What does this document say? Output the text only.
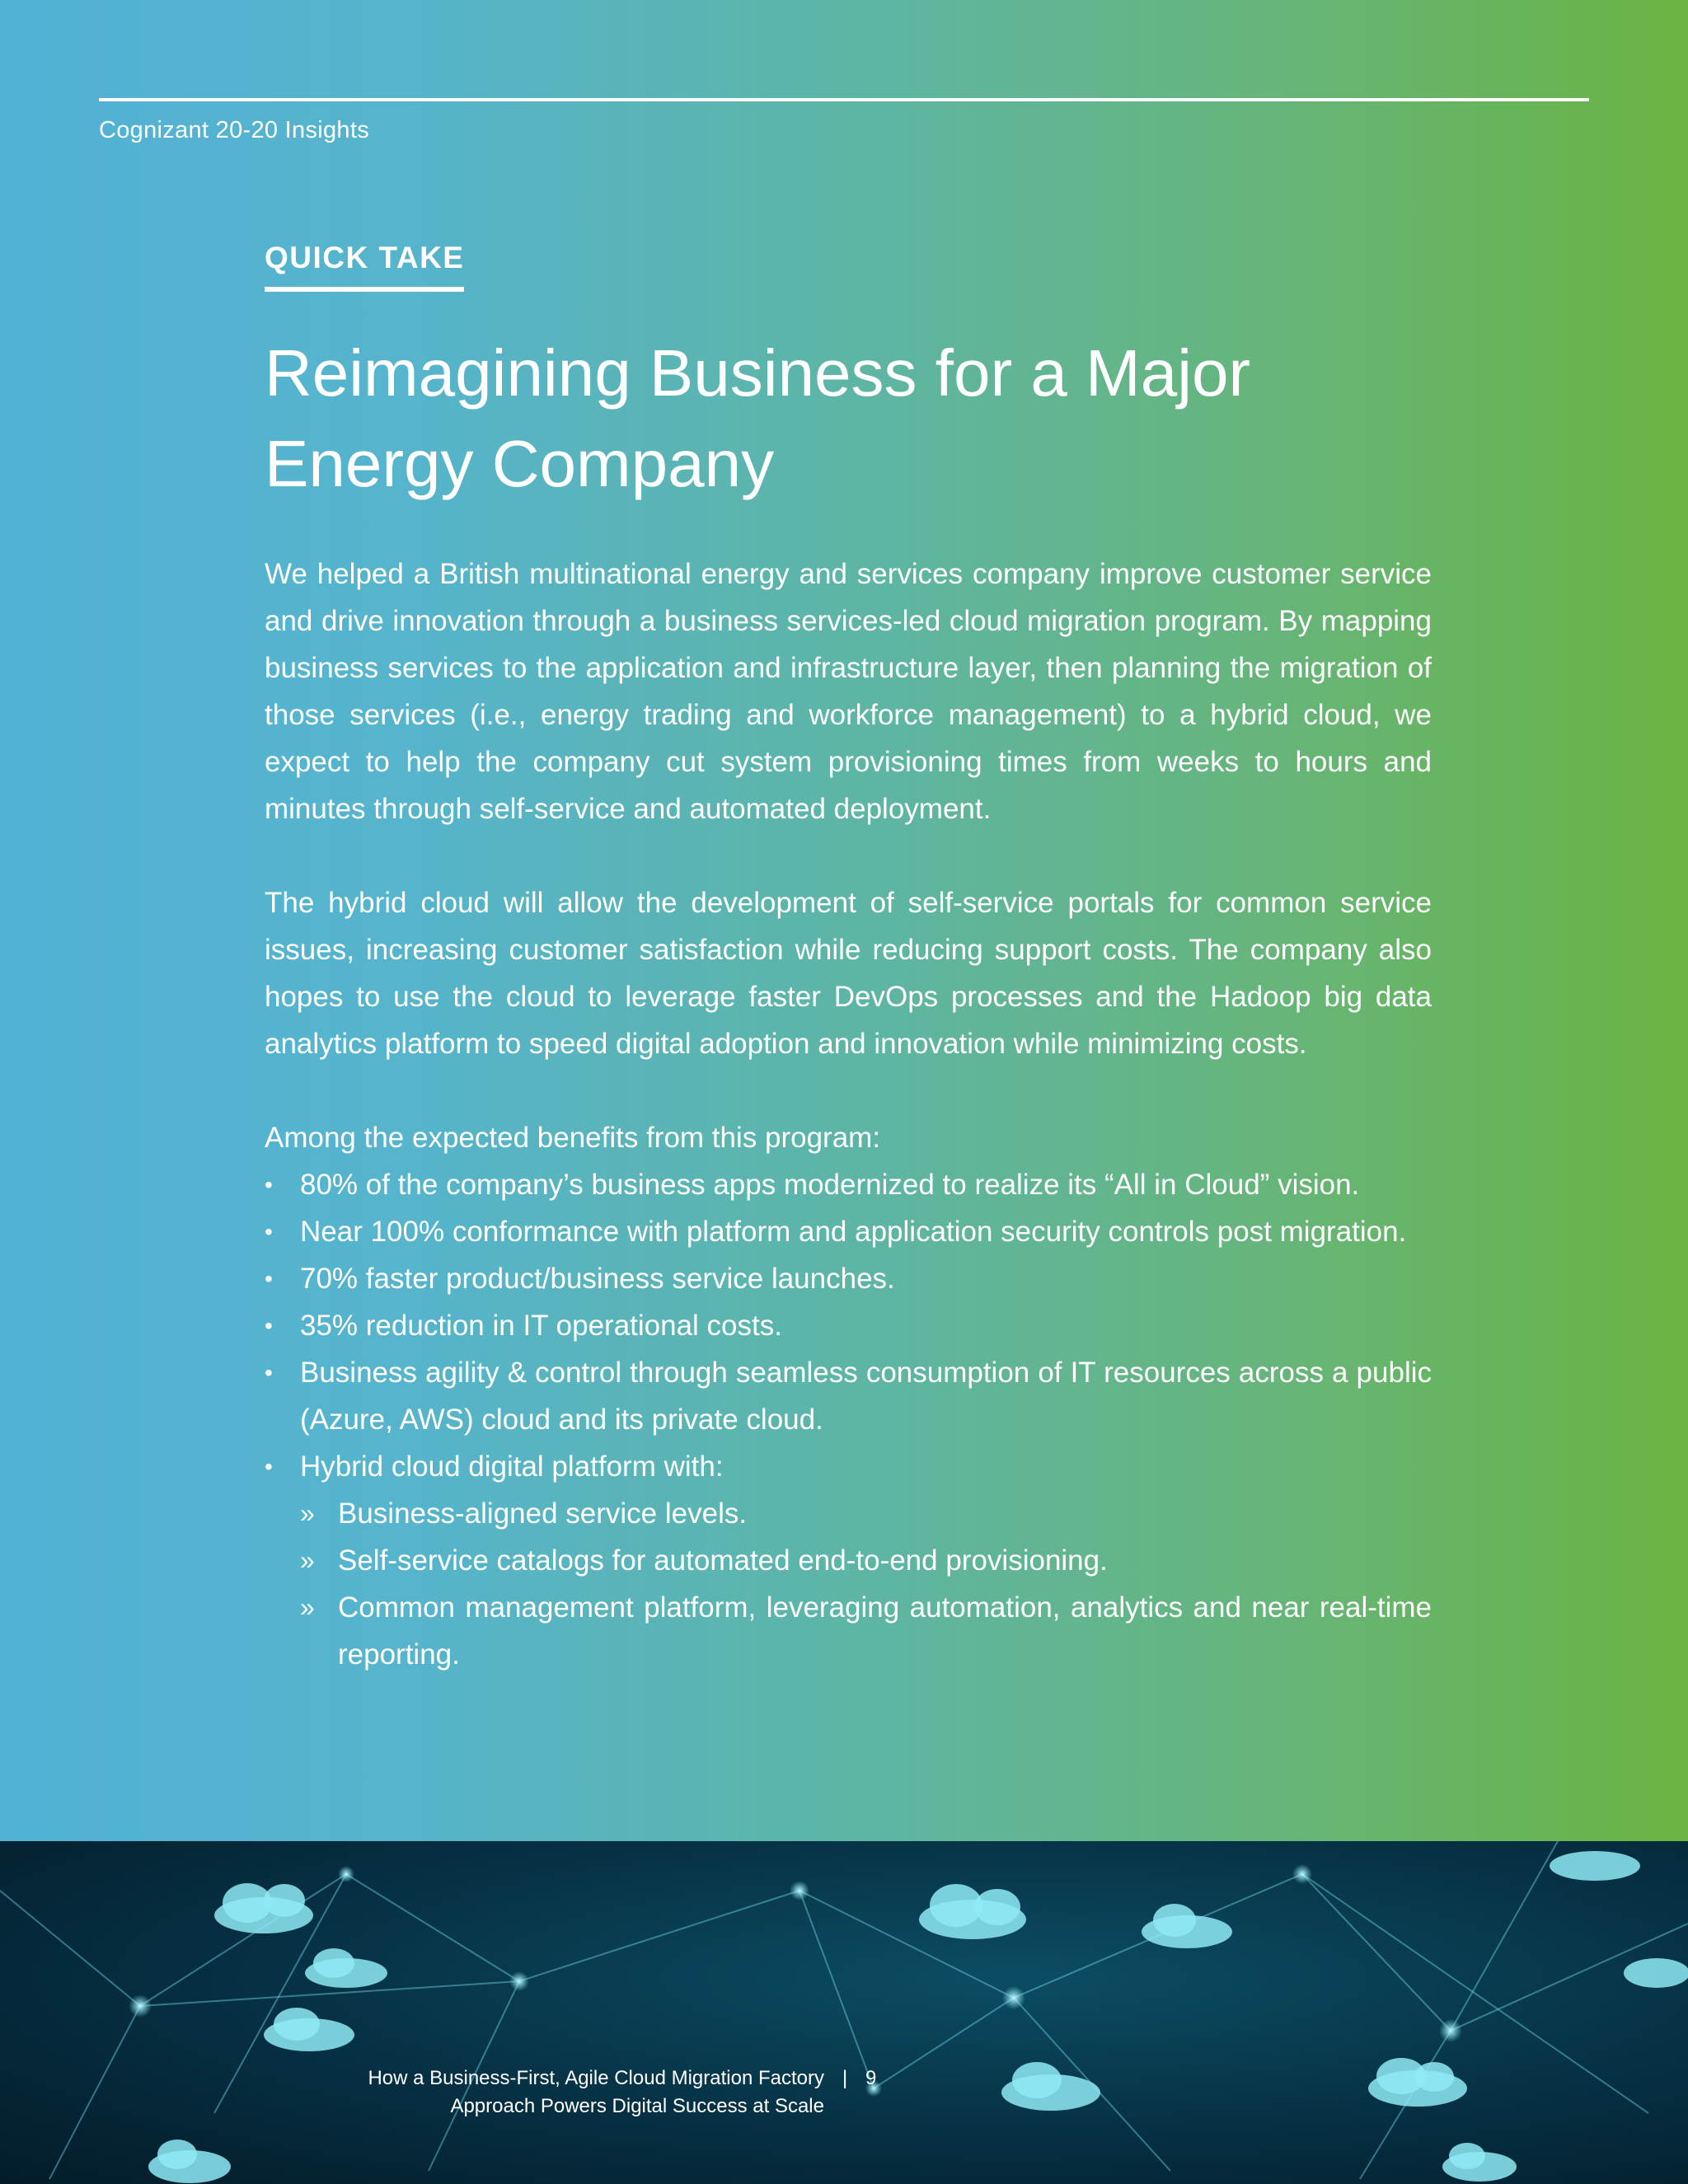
Cognizant 20-20 Insights
QUICK TAKE
Reimagining Business for a Major Energy Company

We helped a British multinational energy and services company improve customer service and drive innovation through a business services-led cloud migration program. By mapping business services to the application and infrastructure layer, then planning the migration of those services (i.e., energy trading and workforce management) to a hybrid cloud, we expect to help the company cut system provisioning times from weeks to hours and minutes through self-service and automated deployment.

The hybrid cloud will allow the development of self-service portals for common service issues, increasing customer satisfaction while reducing support costs. The company also hopes to use the cloud to leverage faster DevOps processes and the Hadoop big data analytics platform to speed digital adoption and innovation while minimizing costs.

Among the expected benefits from this program:
• 80% of the company’s business apps modernized to realize its “All in Cloud” vision.
• Near 100% conformance with platform and application security controls post migration.
• 70% faster product/business service launches.
• 35% reduction in IT operational costs.
• Business agility & control through seamless consumption of IT resources across a public (Azure, AWS) cloud and its private cloud.
• Hybrid cloud digital platform with:
» Business-aligned service levels.
» Self-service catalogs for automated end-to-end provisioning.
» Common management platform, leveraging automation, analytics and near real-time reporting.
How a Business-First, Agile Cloud Migration Factory
Approach Powers Digital Success at Scale
| 9
